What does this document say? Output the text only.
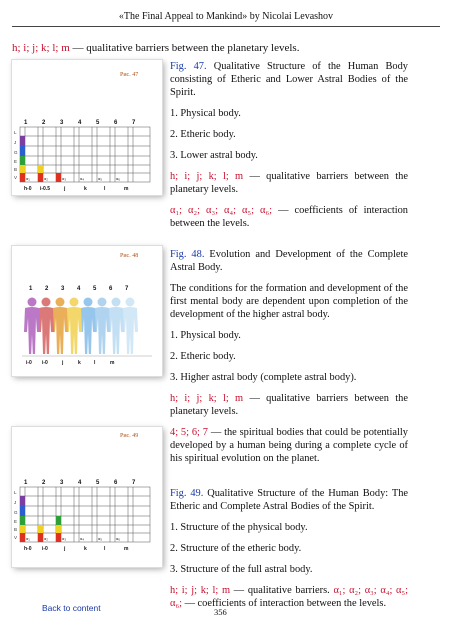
«The Final Appeal to Mankind» by Nicolai Levashov
h; i; j; k; l; m — qualitative barriers between the planetary levels.
Рис. 47
1 2 3 4 5 6 7
L
J
G
E
B
V α₁	α₂	α₃	α₄	α₅	α₆
h-0 i-0.5	j	k	l	m
Рис. 48
1 2 3 4 5 6 7
i-0 i-0	j	k	l	m
Рис. 49
1 2 3 4 5 6 7
L
J
G
E
B
V α₁	α₂	α₃	α₄	α₅	α₆
h-0 i-0	j	k	l	m

Fig. 47. Qualitative Structure of the Human Body consisting of Etheric and Lower Astral Bodies of the Spirit.

1. Physical body.

2. Etheric body.

3. Lower astral body.

h; i; j; k; l; m — qualitative barriers between the planetary levels.

α₁; α₂; α₃; α₄; α₅; α₆; — coefficients of interaction between the levels.

Fig. 48. Evolution and Development of the Complete Astral Body.

The conditions for the formation and development of the first mental body are dependent upon completion of the development of the higher astral body.

1. Physical body.

2. Etheric body.

3. Higher astral body (complete astral body).

h; i; j; k; l; m — qualitative barriers between the planetary levels.

4; 5; 6; 7 — the spiritual bodies that could be potentially developed by a human being during a complete cycle of his spiritual evolution on the planet.

Fig. 49. Qualitative Structure of the Human Body: The Etheric and Complete Astral Bodies of the Spirit.

1. Structure of the physical body.

2. Structure of the etheric body.

3. Structure of the full astral body.

h; i; j; k; l; m — qualitative barriers. α₁; α₂; α₃; α₄; α₅; α₆; — coefficients of interaction between the levels.

Back to content	356
